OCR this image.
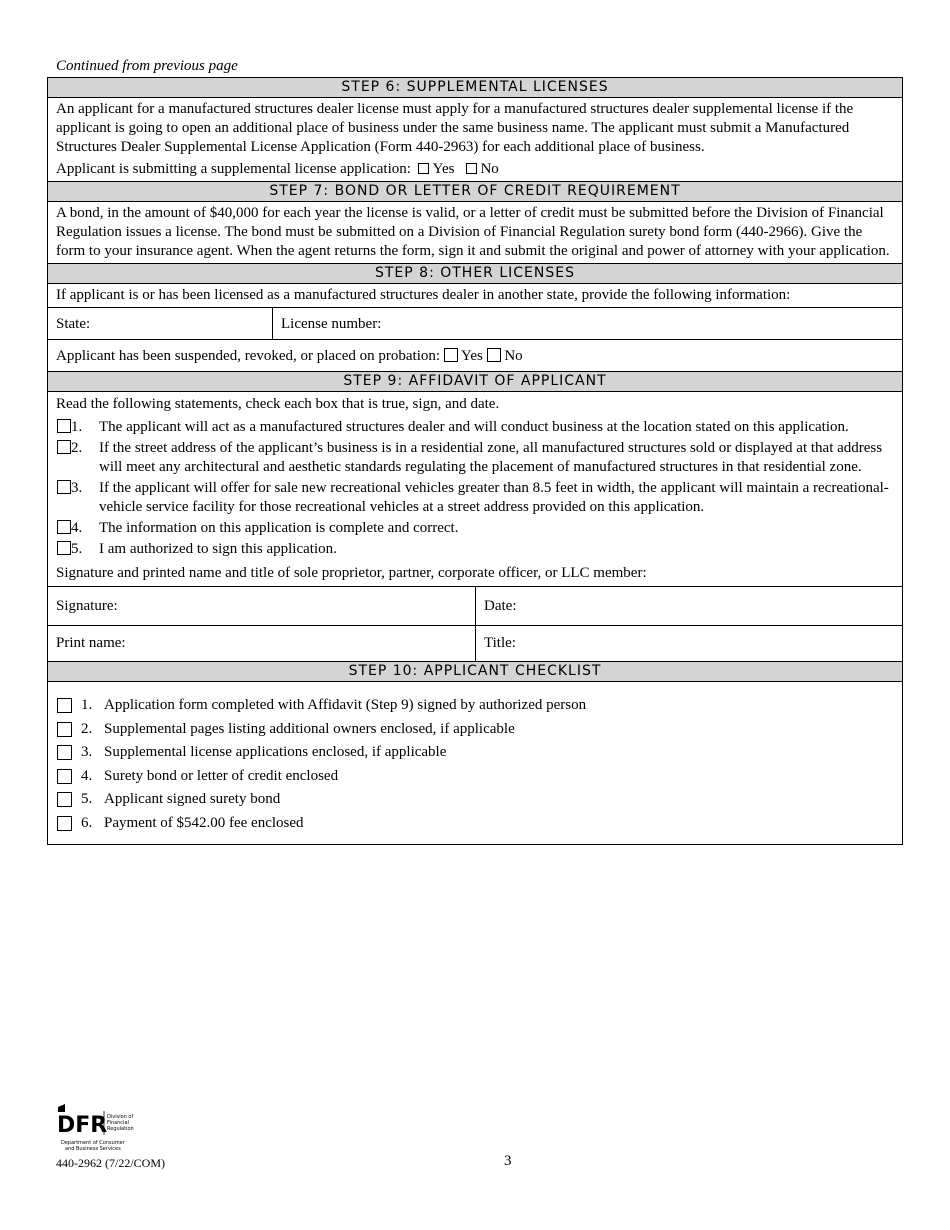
Continued from previous page
STEP 6: SUPPLEMENTAL LICENSES
An applicant for a manufactured structures dealer license must apply for a manufactured structures dealer supplemental license if the applicant is going to open an additional place of business under the same business name. The applicant must submit a Manufactured Structures Dealer Supplemental License Application (Form 440-2963) for each additional place of business.
Applicant is submitting a supplemental license application: Yes No
STEP 7: BOND OR LETTER OF CREDIT REQUIREMENT
A bond, in the amount of $40,000 for each year the license is valid, or a letter of credit must be submitted before the Division of Financial Regulation issues a license. The bond must be submitted on a Division of Financial Regulation surety bond form (440-2966). Give the form to your insurance agent. When the agent returns the form, sign it and submit the original and power of attorney with your application.
STEP 8: OTHER LICENSES
If applicant is or has been licensed as a manufactured structures dealer in another state, provide the following information:
State:	License number:
Applicant has been suspended, revoked, or placed on probation: Yes No
STEP 9: AFFIDAVIT OF APPLICANT
Read the following statements, check each box that is true, sign, and date.
1.	The applicant will act as a manufactured structures dealer and will conduct business at the location stated on this application.
2.	If the street address of the applicant’s business is in a residential zone, all manufactured structures sold or displayed at that address will meet any architectural and aesthetic standards regulating the placement of manufactured structures in that residential zone.
3.	If the applicant will offer for sale new recreational vehicles greater than 8.5 feet in width, the applicant will maintain a recreational-vehicle service facility for those recreational vehicles at a street address provided on this application.
4.	The information on this application is complete and correct.
5.	I am authorized to sign this application.
Signature and printed name and title of sole proprietor, partner, corporate officer, or LLC member:
Signature:	Date:
Print name:	Title:
STEP 10: APPLICANT CHECKLIST
1. Application form completed with Affidavit (Step 9) signed by authorized person
2. Supplemental pages listing additional owners enclosed, if applicable
3. Supplemental license applications enclosed, if applicable
4. Surety bond or letter of credit enclosed
5. Applicant signed surety bond
6. Payment of $542.00 fee enclosed
DFR Division of
Financial
Regulation
Department of Consumer
and Business Services
440-2962 (7/22/COM)	3
